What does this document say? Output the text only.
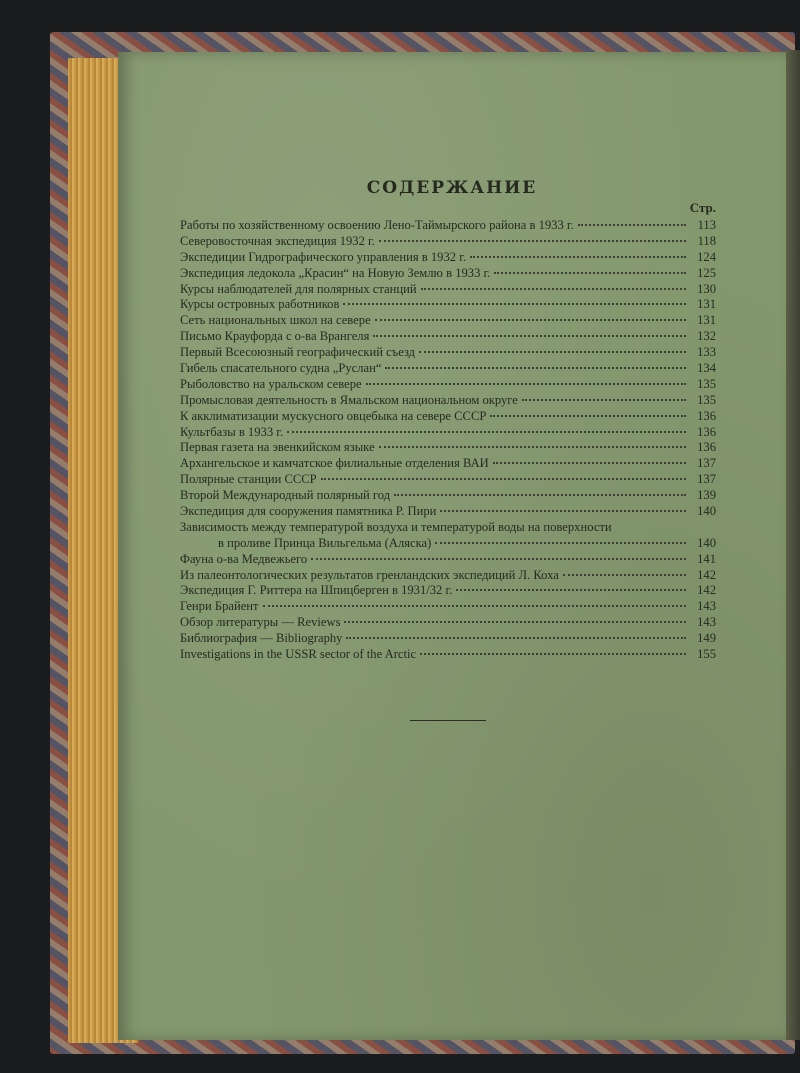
СОДЕРЖАНИЕ
Стр.
Работы по хозяйственному освоению Лено-Таймырского района в 1933 г.	113
Северовосточная экспедиция 1932 г.	118
Экспедиции Гидрографического управления в 1932 г.	124
Экспедиция ледокола „Красин“ на Новую Землю в 1933 г.	125
Курсы наблюдателей для полярных станций	130
Курсы островных работников	131
Сеть национальных школ на севере	131
Письмо Крауфорда с о-ва Врангеля	132
Первый Всесоюзный географический съезд	133
Гибель спасательного судна „Руслан“	134
Рыболовство на уральском севере	135
Промысловая деятельность в Ямальском национальном округе	135
К акклиматизации мускусного овцебыка на севере СССР	136
Культбазы в 1933 г.	136
Первая газета на эвенкийском языке	136
Архангельское и камчатское филиальные отделения ВАИ	137
Полярные станции СССР	137
Второй Международный полярный год	139
Экспедиция для сооружения памятника Р. Пири	140
Зависимость между температурой воздуха и температурой воды на поверхности
в проливе Принца Вильгельма (Аляска)	140
Фауна о-ва Медвежьего	141
Из палеонтологических результатов гренландских экспедиций Л. Коха	142
Экспедиция Г. Риттера на Шпицберген в 1931/32 г.	142
Генри Брайент	143
Обзор литературы — Reviews	143
Библиография — Bibliography	149
Investigations in the USSR sector of the Arctic	155
